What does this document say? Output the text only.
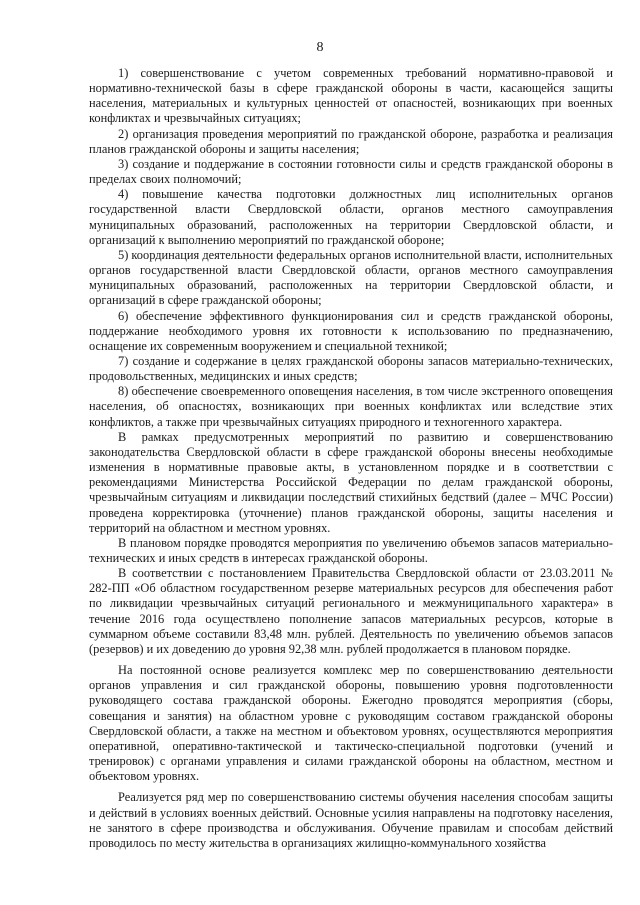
8

1) совершенствование с учетом современных требований нормативно-правовой и нормативно-технической базы в сфере гражданской обороны в части, касающейся защиты населения, материальных и культурных ценностей от опасностей, возникающих при военных конфликтах и чрезвычайных ситуациях;

2) организация проведения мероприятий по гражданской обороне, разработка и реализация планов гражданской обороны и защиты населения;

3) создание и поддержание в состоянии готовности силы и средств гражданской обороны в пределах своих полномочий;

4) повышение качества подготовки должностных лиц исполнительных органов государственной власти Свердловской области, органов местного самоуправления муниципальных образований, расположенных на территории Свердловской области, и организаций к выполнению мероприятий по гражданской обороне;

5) координация деятельности федеральных органов исполнительной власти, исполнительных органов государственной власти Свердловской области, органов местного самоуправления муниципальных образований, расположенных на территории Свердловской области, и организаций в сфере гражданской обороны;

6) обеспечение эффективного функционирования сил и средств гражданской обороны, поддержание необходимого уровня их готовности к использованию по предназначению, оснащение их современным вооружением и специальной техникой;

7) создание и содержание в целях гражданской обороны запасов материально-технических, продовольственных, медицинских и иных средств;

8) обеспечение своевременного оповещения населения, в том числе экстренного оповещения населения, об опасностях, возникающих при военных конфликтах или вследствие этих конфликтов, а также при чрезвычайных ситуациях природного и техногенного характера.

В рамках предусмотренных мероприятий по развитию и совершенствованию законодательства Свердловской области в сфере гражданской обороны внесены необходимые изменения в нормативные правовые акты, в установленном порядке и в соответствии с рекомендациями Министерства Российской Федерации по делам гражданской обороны, чрезвычайным ситуациям и ликвидации последствий стихийных бедствий (далее – МЧС России) проведена корректировка (уточнение) планов гражданской обороны, защиты населения и территорий на областном и местном уровнях.

В плановом порядке проводятся мероприятия по увеличению объемов запасов материально-технических и иных средств в интересах гражданской обороны.

В соответствии с постановлением Правительства Свердловской области от 23.03.2011 № 282-ПП «Об областном государственном резерве материальных ресурсов для обеспечения работ по ликвидации чрезвычайных ситуаций регионального и межмуниципального характера» в течение 2016 года осуществлено пополнение запасов материальных ресурсов, которые в суммарном объеме составили 83,48 млн. рублей. Деятельность по увеличению объемов запасов (резервов) и их доведению до уровня 92,38 млн. рублей продолжается в плановом порядке.

На постоянной основе реализуется комплекс мер по совершенствованию деятельности органов управления и сил гражданской обороны, повышению уровня подготовленности руководящего состава гражданской обороны. Ежегодно проводятся мероприятия (сборы, совещания и занятия) на областном уровне с руководящим составом гражданской обороны Свердловской области, а также на местном и объектовом уровнях, осуществляются мероприятия оперативной, оперативно-тактической и тактическо-специальной подготовки (учений и тренировок) с органами управления и силами гражданской обороны на областном, местном и объектовом уровнях.

Реализуется ряд мер по совершенствованию системы обучения населения способам защиты и действий в условиях военных действий. Основные усилия направлены на подготовку населения, не занятого в сфере производства и обслуживания. Обучение правилам и способам действий проводилось по месту жительства в организациях жилищно-коммунального хозяйства
